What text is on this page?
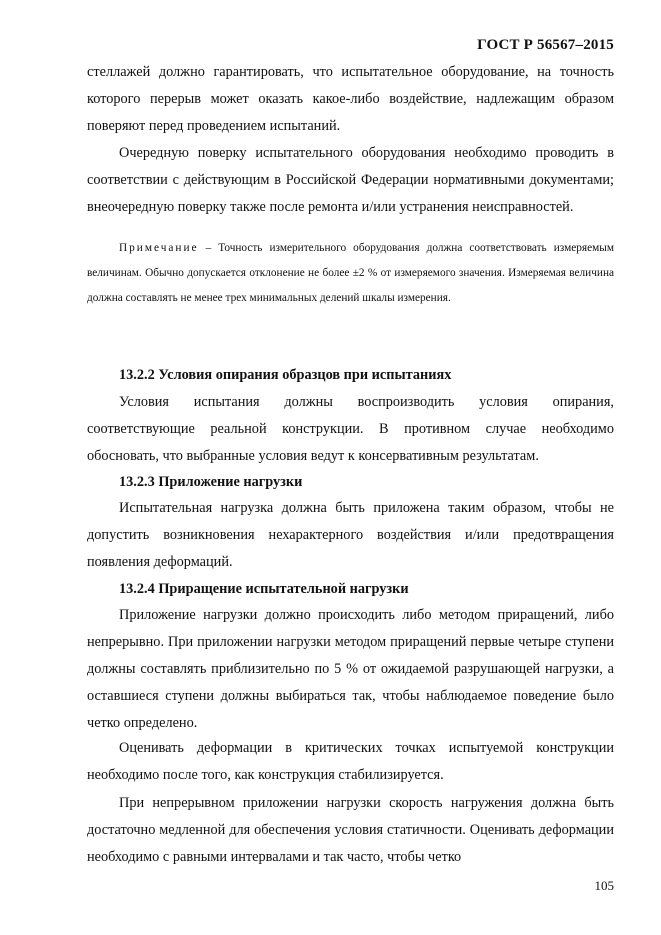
ГОСТ Р 56567–2015
стеллажей должно гарантировать, что испытательное оборудование, на точность которого перерыв может оказать какое-либо воздействие, надлежащим образом поверяют перед проведением испытаний.
Очередную поверку испытательного оборудования необходимо проводить в соответствии с действующим в Российской Федерации нормативными документами; внеочередную поверку также после ремонта и/или устранения неисправностей.
Примечание – Точность измерительного оборудования должна соответствовать измеряемым величинам. Обычно допускается отклонение не более ±2 % от измеряемого значения. Измеряемая величина должна составлять не менее трех минимальных делений шкалы измерения.
13.2.2 Условия опирания образцов при испытаниях
Условия испытания должны воспроизводить условия опирания, соответствующие реальной конструкции. В противном случае необходимо обосновать, что выбранные условия ведут к консервативным результатам.
13.2.3 Приложение нагрузки
Испытательная нагрузка должна быть приложена таким образом, чтобы не допустить возникновения нехарактерного воздействия и/или предотвращения появления деформаций.
13.2.4 Приращение испытательной нагрузки
Приложение нагрузки должно происходить либо методом приращений, либо непрерывно. При приложении нагрузки методом приращений первые четыре ступени должны составлять приблизительно по 5 % от ожидаемой разрушающей нагрузки, а оставшиеся ступени должны выбираться так, чтобы наблюдаемое поведение было четко определено.
Оценивать деформации в критических точках испытуемой конструкции необходимо после того, как конструкция стабилизируется.
При непрерывном приложении нагрузки скорость нагружения должна быть достаточно медленной для обеспечения условия статичности. Оценивать деформации необходимо с равными интервалами и так часто, чтобы четко
105
